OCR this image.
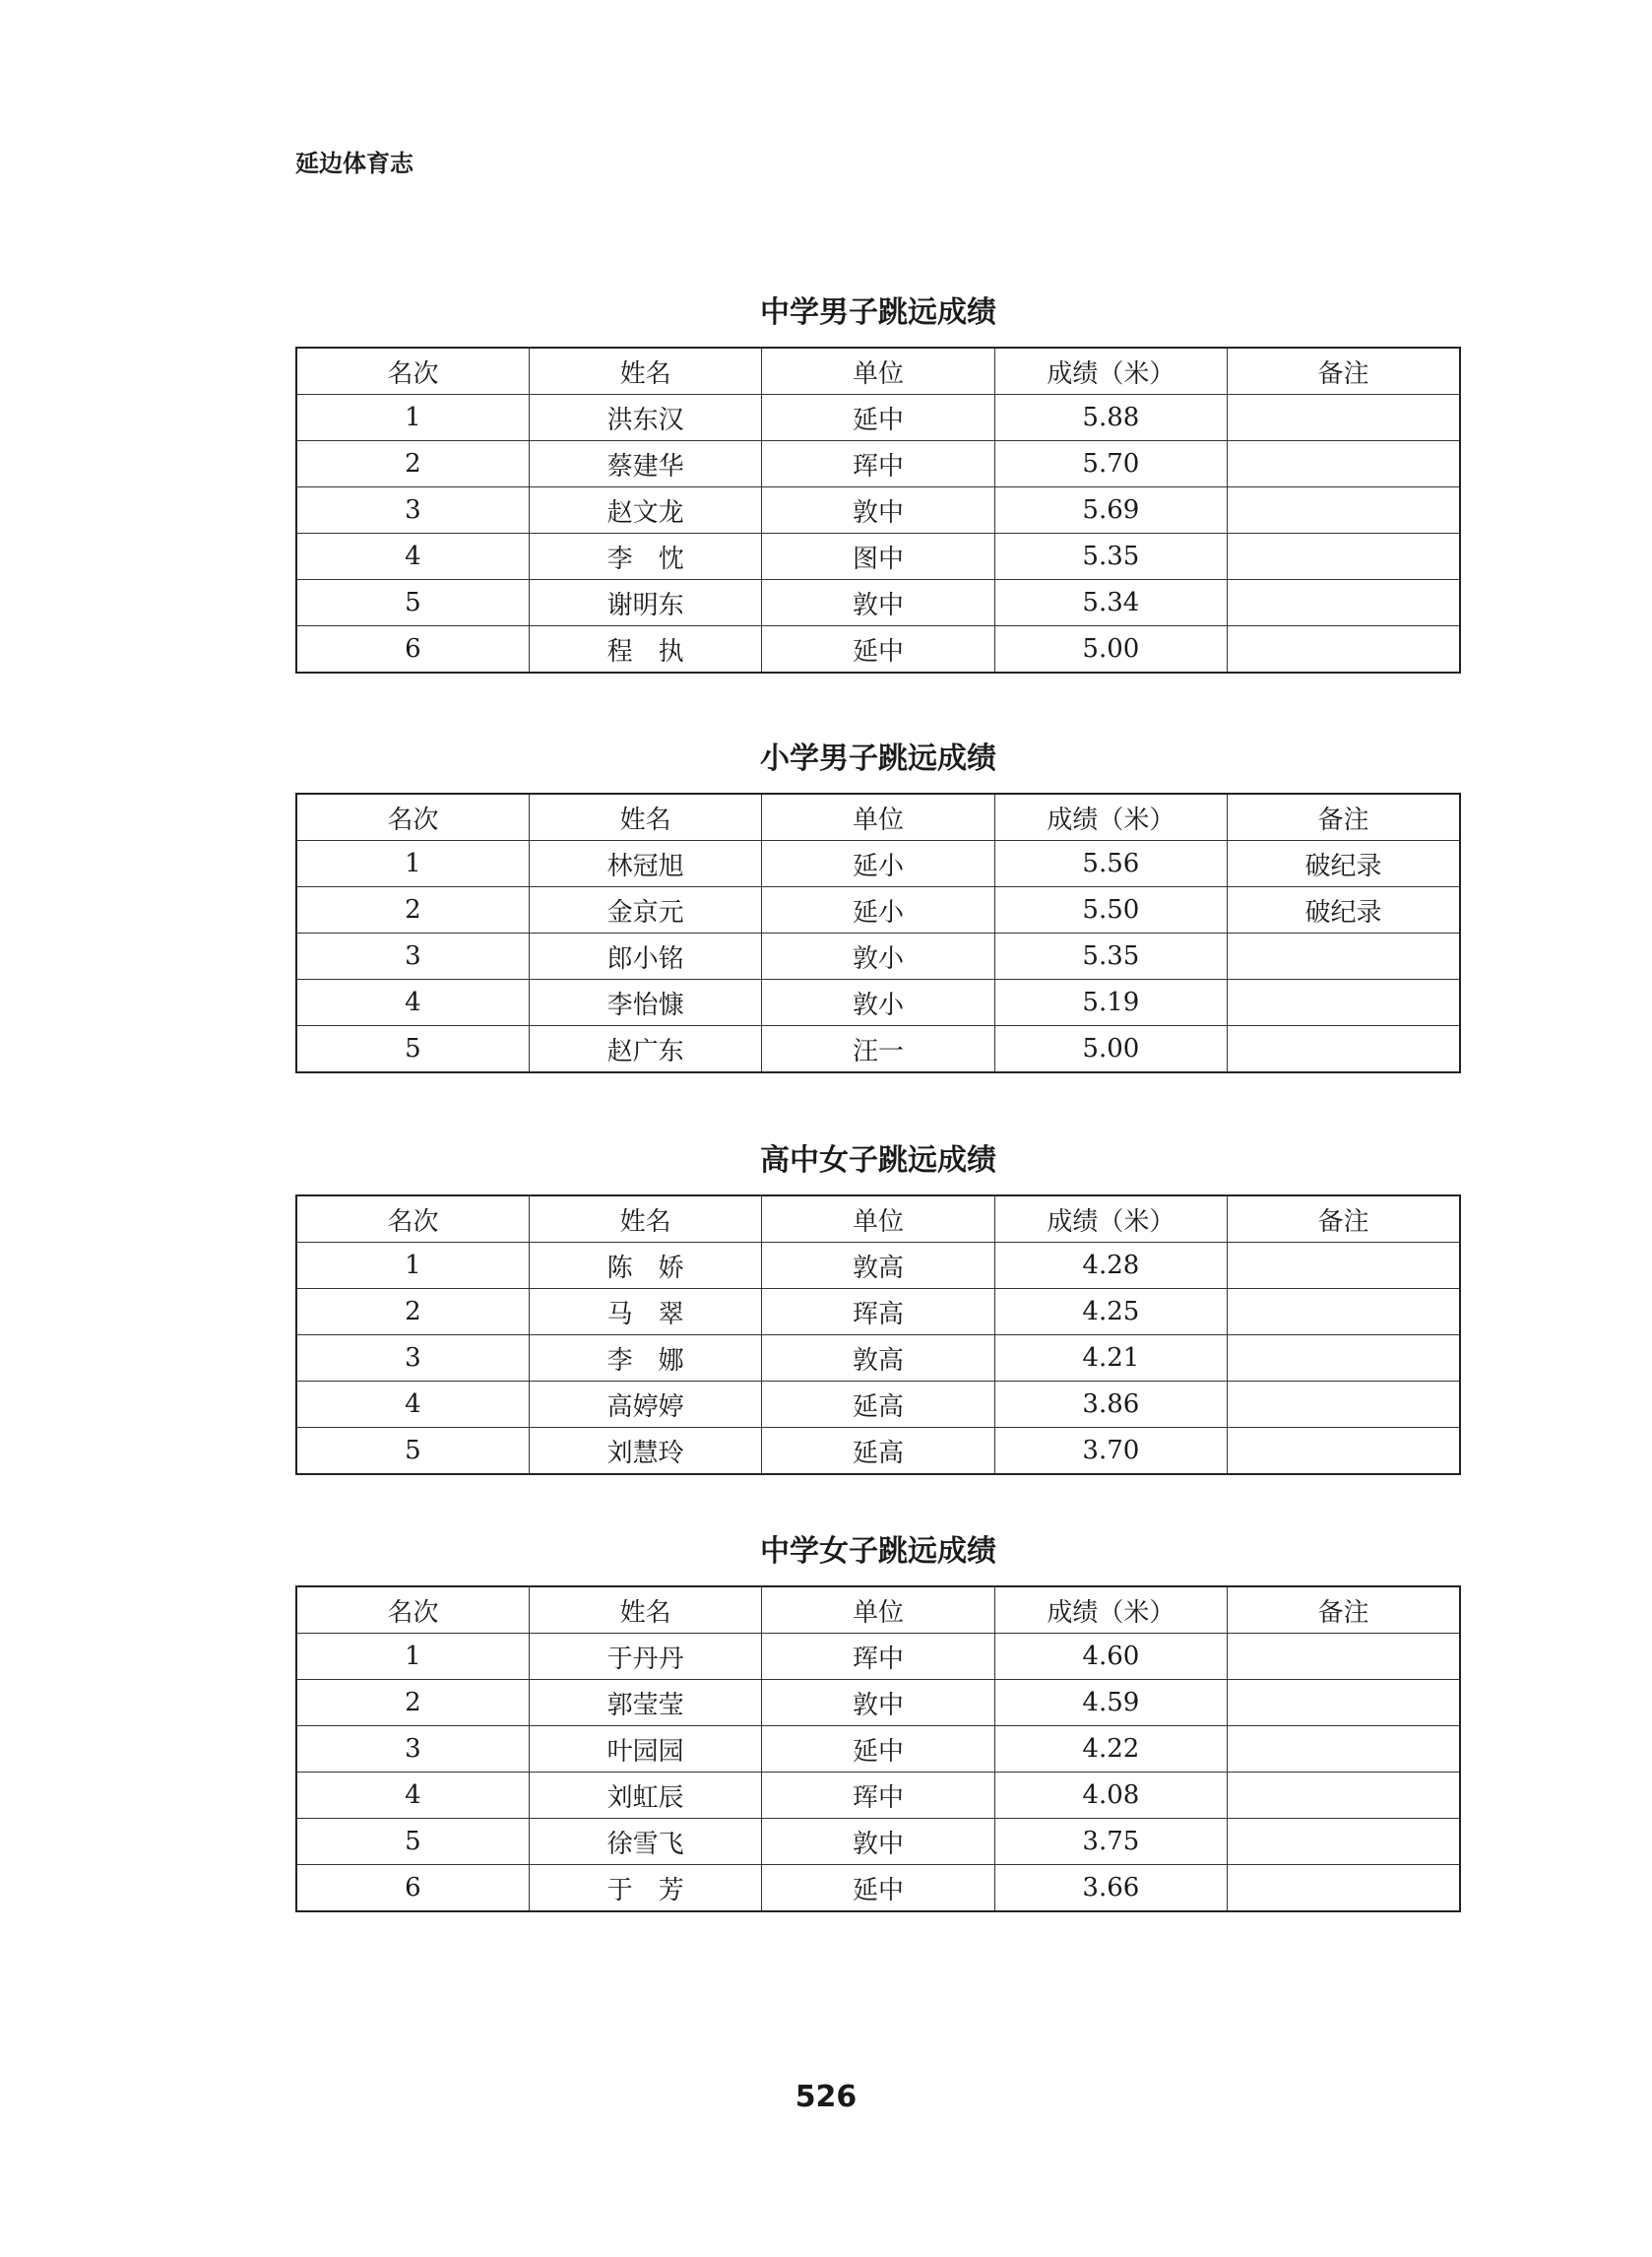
延边体育志
中学男子跳远成绩
名次	姓名	单位	成绩（米）	备注
1	洪东汉	延中	5.88	
2	蔡建华	珲中	5.70	
3	赵文龙	敦中	5.69	
4	李　忱	图中	5.35	
5	谢明东	敦中	5.34	
6	程　执	延中	5.00	
小学男子跳远成绩
名次	姓名	单位	成绩（米）	备注
1	林冠旭	延小	5.56	破纪录
2	金京元	延小	5.50	破纪录
3	郎小铭	敦小	5.35	
4	李怡慷	敦小	5.19	
5	赵广东	汪一	5.00	
高中女子跳远成绩
名次	姓名	单位	成绩（米）	备注
1	陈　娇	敦高	4.28	
2	马　翠	珲高	4.25	
3	李　娜	敦高	4.21	
4	高婷婷	延高	3.86	
5	刘慧玲	延高	3.70	
中学女子跳远成绩
名次	姓名	单位	成绩（米）	备注
1	于丹丹	珲中	4.60	
2	郭莹莹	敦中	4.59	
3	叶园园	延中	4.22	
4	刘虹辰	珲中	4.08	
5	徐雪飞	敦中	3.75	
6	于　芳	延中	3.66	
526
